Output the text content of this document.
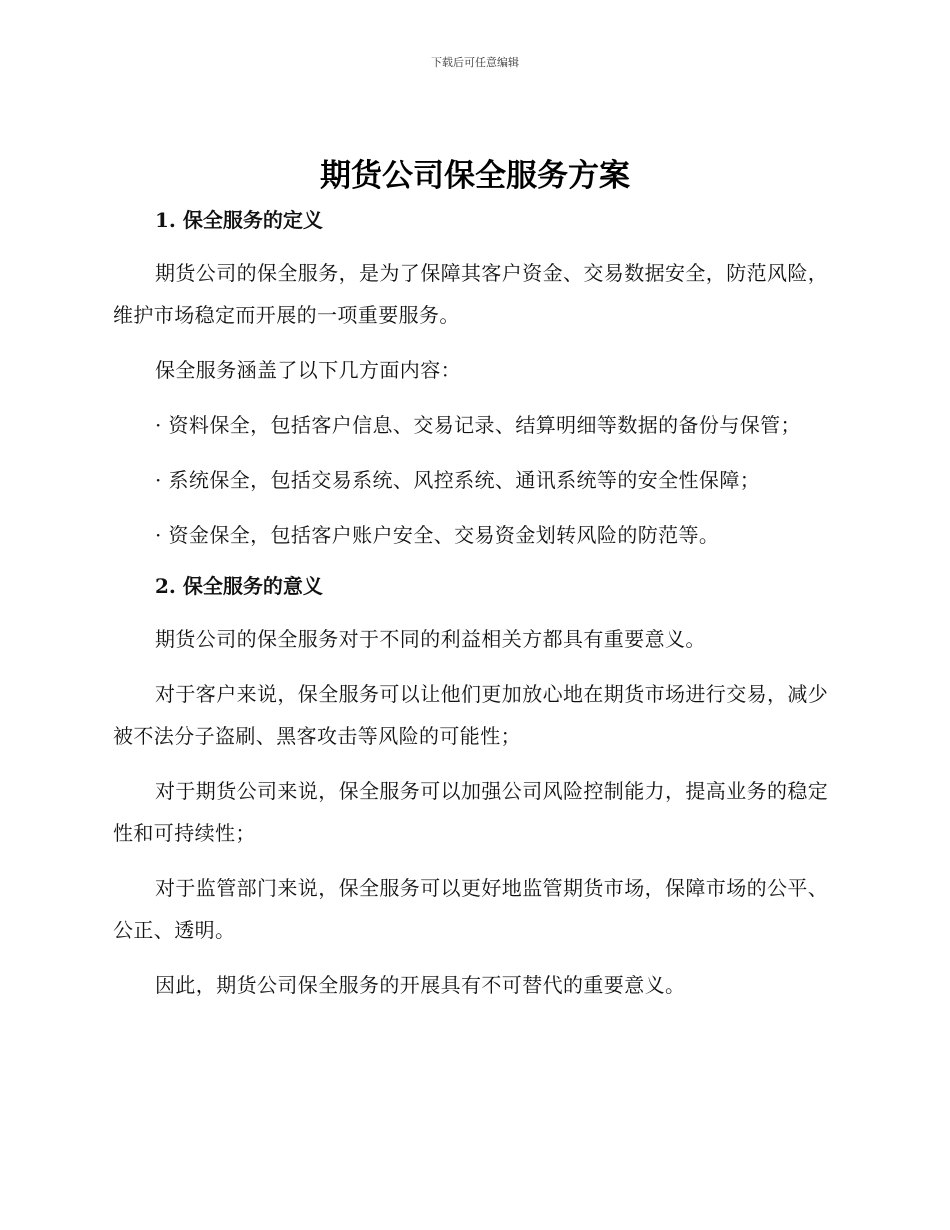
下载后可任意编辑
期货公司保全服务方案
1. 保全服务的定义

期货公司的保全服务，是为了保障其客户资金、交易数据安全，防范风险，维护市场稳定而开展的一项重要服务。

保全服务涵盖了以下几方面内容：

· 资料保全，包括客户信息、交易记录、结算明细等数据的备份与保管；

· 系统保全，包括交易系统、风控系统、通讯系统等的安全性保障；

· 资金保全，包括客户账户安全、交易资金划转风险的防范等。

2. 保全服务的意义

期货公司的保全服务对于不同的利益相关方都具有重要意义。

对于客户来说，保全服务可以让他们更加放心地在期货市场进行交易，减少被不法分子盗刷、黑客攻击等风险的可能性；

对于期货公司来说，保全服务可以加强公司风险控制能力，提高业务的稳定性和可持续性；

对于监管部门来说，保全服务可以更好地监管期货市场，保障市场的公平、公正、透明。

因此，期货公司保全服务的开展具有不可替代的重要意义。
